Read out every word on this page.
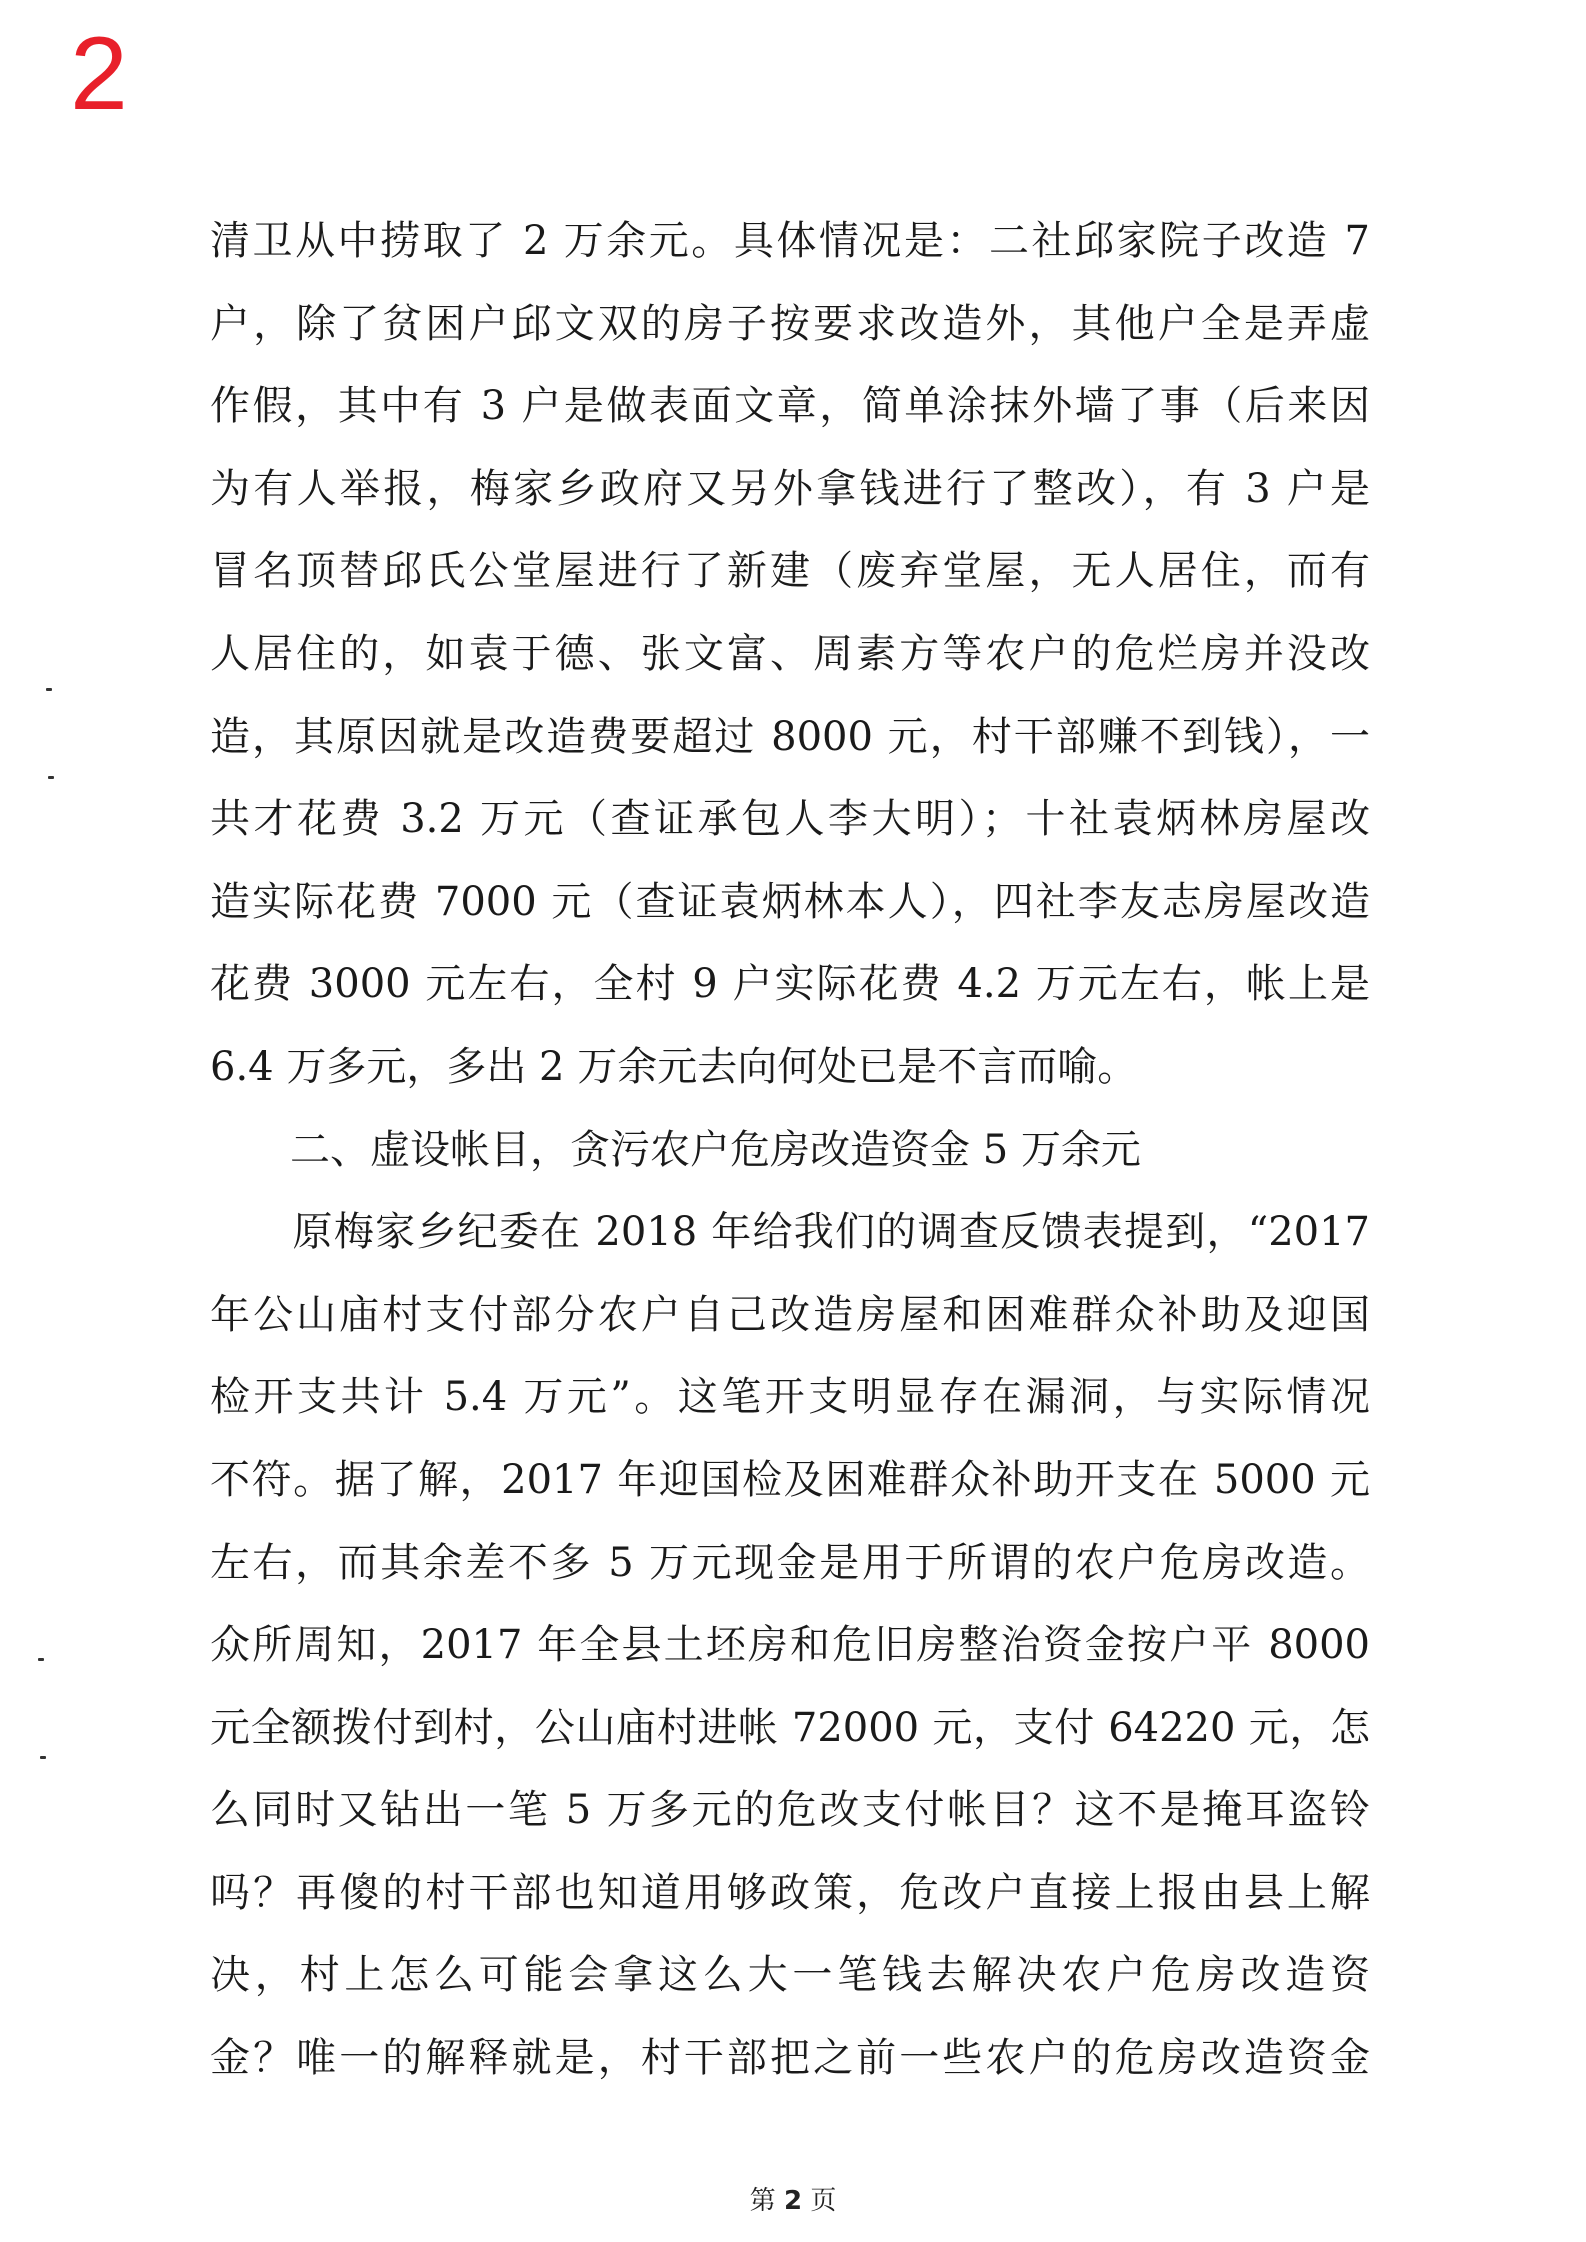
2
清卫从中捞取了 2 万余元。具体情况是：二社邱家院子改造 7
户，除了贫困户邱文双的房子按要求改造外，其他户全是弄虚
作假，其中有 3 户是做表面文章，简单涂抹外墙了事（后来因
为有人举报，梅家乡政府又另外拿钱进行了整改），有 3 户是
冒名顶替邱氏公堂屋进行了新建（废弃堂屋，无人居住，而有
人居住的，如袁于德、张文富、周素方等农户的危烂房并没改
造，其原因就是改造费要超过 8000 元，村干部赚不到钱），一
共才花费 3.2 万元（查证承包人李大明）；十社袁炳林房屋改
造实际花费 7000 元（查证袁炳林本人），四社李友志房屋改造
花费 3000 元左右，全村 9 户实际花费 4.2 万元左右，帐上是
6.4 万多元，多出 2 万余元去向何处已是不言而喻。
　　二、虚设帐目，贪污农户危房改造资金 5 万余元
　　原梅家乡纪委在 2018 年给我们的调查反馈表提到，“2017
年公山庙村支付部分农户自己改造房屋和困难群众补助及迎国
检开支共计 5.4 万元”。这笔开支明显存在漏洞，与实际情况
不符。据了解，2017 年迎国检及困难群众补助开支在 5000 元
左右，而其余差不多 5 万元现金是用于所谓的农户危房改造。
众所周知，2017 年全县土坯房和危旧房整治资金按户平 8000
元全额拨付到村，公山庙村进帐 72000 元，支付 64220 元，怎
么同时又钻出一笔 5 万多元的危改支付帐目？这不是掩耳盗铃
吗？再傻的村干部也知道用够政策，危改户直接上报由县上解
决，村上怎么可能会拿这么大一笔钱去解决农户危房改造资
金？唯一的解释就是，村干部把之前一些农户的危房改造资金
第 2 页
